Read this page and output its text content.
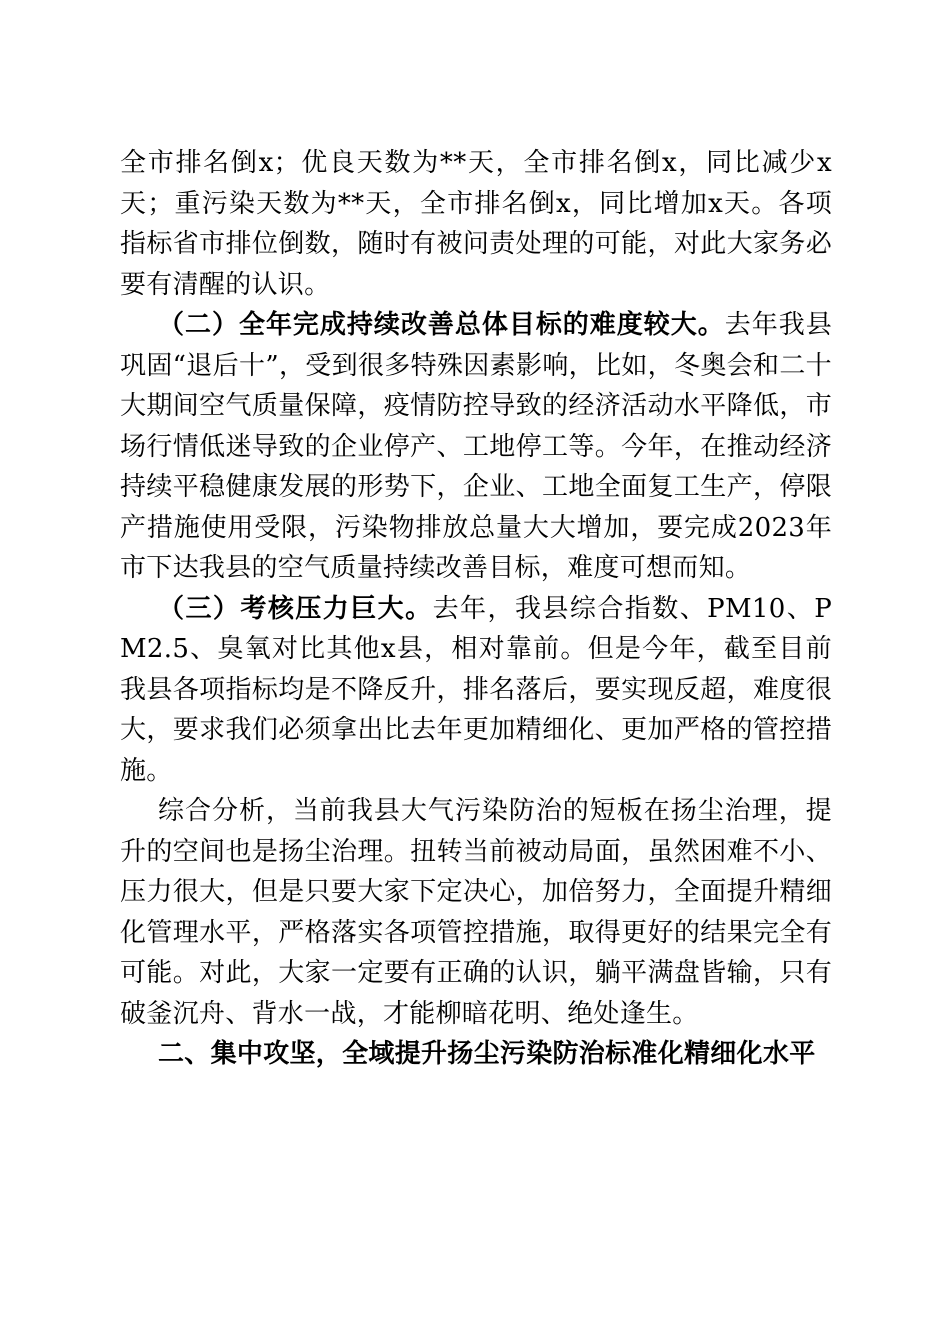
全市排名倒x；优良天数为**天，全市排名倒x，同比减少x天；重污染天数为**天，全市排名倒x，同比增加x天。各项指标省市排位倒数，随时有被问责处理的可能，对此大家务必要有清醒的认识。

（二）全年完成持续改善总体目标的难度较大。去年我县巩固“退后十”，受到很多特殊因素影响，比如，冬奥会和二十大期间空气质量保障，疫情防控导致的经济活动水平降低，市场行情低迷导致的企业停产、工地停工等。今年，在推动经济持续平稳健康发展的形势下，企业、工地全面复工生产，停限产措施使用受限，污染物排放总量大大增加，要完成2023年市下达我县的空气质量持续改善目标，难度可想而知。

（三）考核压力巨大。去年，我县综合指数、PM10、PM2.5、臭氧对比其他x县，相对靠前。但是今年，截至目前我县各项指标均是不降反升，排名落后，要实现反超，难度很大，要求我们必须拿出比去年更加精细化、更加严格的管控措施。

综合分析，当前我县大气污染防治的短板在扬尘治理，提升的空间也是扬尘治理。扭转当前被动局面，虽然困难不小、压力很大，但是只要大家下定决心，加倍努力，全面提升精细化管理水平，严格落实各项管控措施，取得更好的结果完全有可能。对此，大家一定要有正确的认识，躺平满盘皆输，只有破釜沉舟、背水一战，才能柳暗花明、绝处逢生。

二、集中攻坚，全域提升扬尘污染防治标准化精细化水平
